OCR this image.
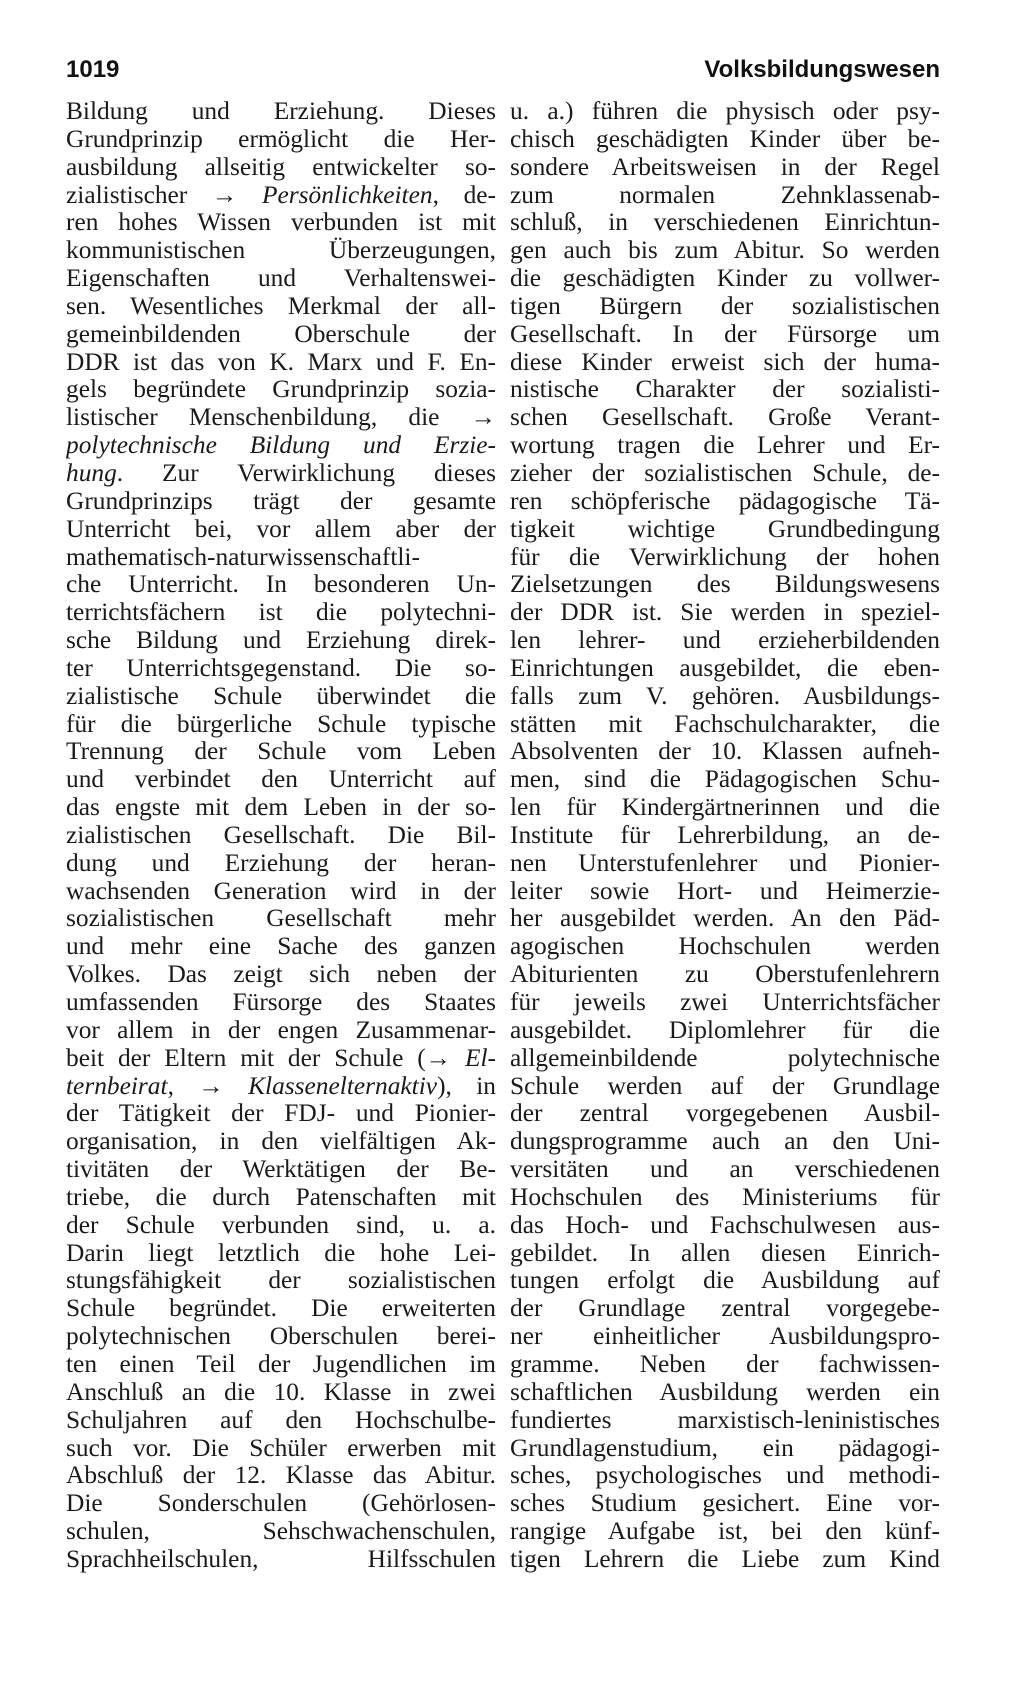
1019	Volksbildungswesen
Bildung und Erziehung. Dieses
Grundprinzip ermöglicht die Her-
ausbildung allseitig entwickelter so-
zialistischer → Persönlichkeiten, de-
ren hohes Wissen verbunden ist mit
kommunistischen Überzeugungen,
Eigenschaften und Verhaltenswei-
sen. Wesentliches Merkmal der all-
gemeinbildenden Oberschule der
DDR ist das von K. Marx und F. En-
gels begründete Grundprinzip sozia-
listischer Menschenbildung, die →
polytechnische Bildung und Erzie-
hung. Zur Verwirklichung dieses
Grundprinzips trägt der gesamte
Unterricht bei, vor allem aber der
mathematisch-naturwissenschaftli-
che Unterricht. In besonderen Un-
terrichtsfächern ist die polytechni-
sche Bildung und Erziehung direk-
ter Unterrichtsgegenstand. Die so-
zialistische Schule überwindet die
für die bürgerliche Schule typische
Trennung der Schule vom Leben
und verbindet den Unterricht auf
das engste mit dem Leben in der so-
zialistischen Gesellschaft. Die Bil-
dung und Erziehung der heran-
wachsenden Generation wird in der
sozialistischen Gesellschaft mehr
und mehr eine Sache des ganzen
Volkes. Das zeigt sich neben der
umfassenden Fürsorge des Staates
vor allem in der engen Zusammenar-
beit der Eltern mit der Schule (→ El-
ternbeirat, → Klassenelternaktiv), in
der Tätigkeit der FDJ- und Pionier-
organisation, in den vielfältigen Ak-
tivitäten der Werktätigen der Be-
triebe, die durch Patenschaften mit
der Schule verbunden sind, u. a.
Darin liegt letztlich die hohe Lei-
stungsfähigkeit der sozialistischen
Schule begründet. Die erweiterten
polytechnischen Oberschulen berei-
ten einen Teil der Jugendlichen im
Anschluß an die 10. Klasse in zwei
Schuljahren auf den Hochschulbe-
such vor. Die Schüler erwerben mit
Abschluß der 12. Klasse das Abitur.
Die Sonderschulen (Gehörlosen-
schulen, Sehschwachenschulen,
Sprachheilschulen, Hilfsschulen
u. a.) führen die physisch oder psy-
chisch geschädigten Kinder über be-
sondere Arbeitsweisen in der Regel
zum normalen Zehnklassenab-
schluß, in verschiedenen Einrichtun-
gen auch bis zum Abitur. So werden
die geschädigten Kinder zu vollwer-
tigen Bürgern der sozialistischen
Gesellschaft. In der Fürsorge um
diese Kinder erweist sich der huma-
nistische Charakter der sozialisti-
schen Gesellschaft. Große Verant-
wortung tragen die Lehrer und Er-
zieher der sozialistischen Schule, de-
ren schöpferische pädagogische Tä-
tigkeit wichtige Grundbedingung
für die Verwirklichung der hohen
Zielsetzungen des Bildungswesens
der DDR ist. Sie werden in speziel-
len lehrer- und erzieherbildenden
Einrichtungen ausgebildet, die eben-
falls zum V. gehören. Ausbildungs-
stätten mit Fachschulcharakter, die
Absolventen der 10. Klassen aufneh-
men, sind die Pädagogischen Schu-
len für Kindergärtnerinnen und die
Institute für Lehrerbildung, an de-
nen Unterstufenlehrer und Pionier-
leiter sowie Hort- und Heimerzie-
her ausgebildet werden. An den Päd-
agogischen Hochschulen werden
Abiturienten zu Oberstufenlehrern
für jeweils zwei Unterrichtsfächer
ausgebildet. Diplomlehrer für die
allgemeinbildende polytechnische
Schule werden auf der Grundlage
der zentral vorgegebenen Ausbil-
dungsprogramme auch an den Uni-
versitäten und an verschiedenen
Hochschulen des Ministeriums für
das Hoch- und Fachschulwesen aus-
gebildet. In allen diesen Einrich-
tungen erfolgt die Ausbildung auf
der Grundlage zentral vorgegebe-
ner einheitlicher Ausbildungspro-
gramme. Neben der fachwissen-
schaftlichen Ausbildung werden ein
fundiertes marxistisch-leninistisches
Grundlagenstudium, ein pädagogi-
sches, psychologisches und methodi-
sches Studium gesichert. Eine vor-
rangige Aufgabe ist, bei den künf-
tigen Lehrern die Liebe zum Kind
